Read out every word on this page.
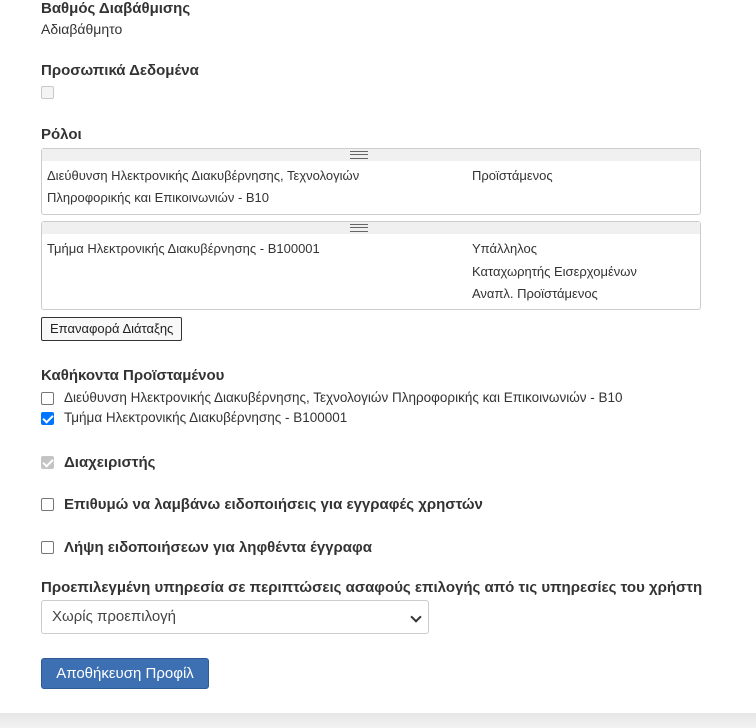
Βαθμός Διαβάθμισης
Αδιαβάθμητο
Προσωπικά Δεδομένα
Ρόλοι
Διεύθυνση Ηλεκτρονικής Διακυβέρνησης, Τεχνολογιών Πληροφορικής και Επικοινωνιών - Β10
Προϊστάμενος
Τμήμα Ηλεκτρονικής Διακυβέρνησης - Β100001	Υπάλληλος
Καταχωρητής Εισερχομένων
Αναπλ. Προϊστάμενος
Επαναφορά Διάταξης
Καθήκοντα Προϊσταμένου
Διεύθυνση Ηλεκτρονικής Διακυβέρνησης, Τεχνολογιών Πληροφορικής και Επικοινωνιών - Β10
Τμήμα Ηλεκτρονικής Διακυβέρνησης - Β100001
Διαχειριστής
Επιθυμώ να λαμβάνω ειδοποιήσεις για εγγραφές χρηστών
Λήψη ειδοποιήσεων για ληφθέντα έγγραφα
Προεπιλεγμένη υπηρεσία σε περιπτώσεις ασαφούς επιλογής από τις υπηρεσίες του χρήστη
Χωρίς προεπιλογή
Αποθήκευση Προφίλ
